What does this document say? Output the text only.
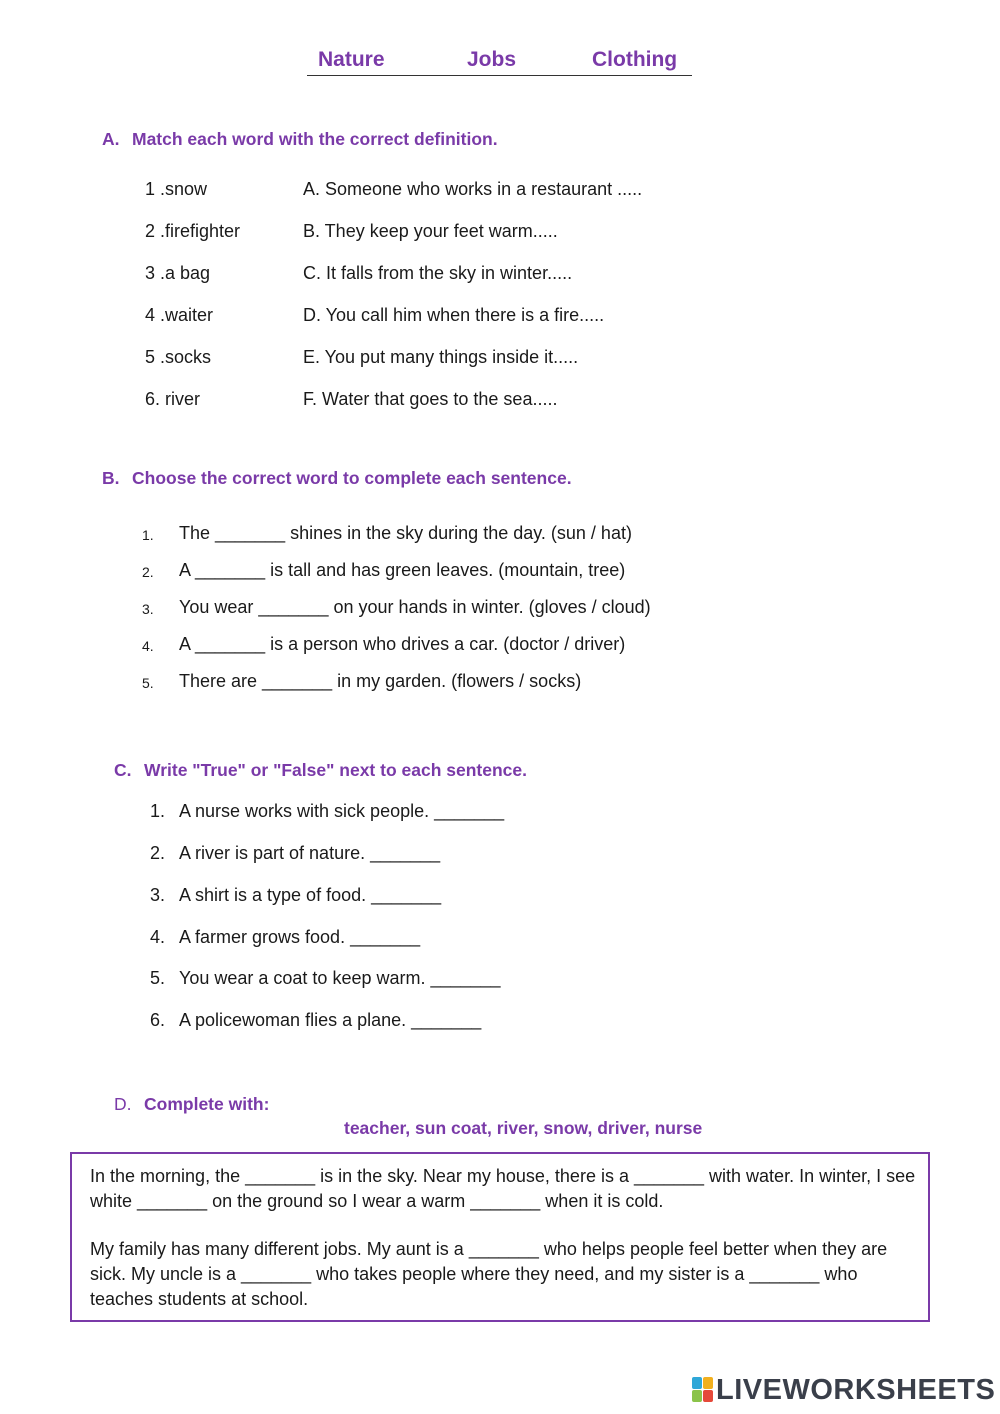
Nature	Jobs	Clothing
A. Match each word with the correct definition.
1 .snow
2 .firefighter
3 .a bag
4 .waiter
5 .socks
6. river
A. Someone who works in a restaurant .....
B. They keep your feet warm.....
C. It falls from the sky in winter.....
D. You call him when there is a fire.....
E. You put many things inside it.....
F. Water that goes to the sea.....
B. Choose the correct word to complete each sentence.
1.
2.
3.
4.
5.
The _______ shines in the sky during the day. (sun / hat)
A _______ is tall and has green leaves. (mountain, tree)
You wear _______ on your hands in winter. (gloves / cloud)
A _______ is a person who drives a car. (doctor / driver)
There are _______ in my garden. (flowers / socks)
C. Write "True" or "False" next to each sentence.
1.
2.
3.
4.
5.
6.
A nurse works with sick people. _______
A river is part of nature. _______
A shirt is a type of food. _______
A farmer grows food. _______
You wear a coat to keep warm. _______
A policewoman flies a plane. _______
D. Complete with:
teacher, sun coat, river, snow, driver, nurse
In the morning, the _______ is in the sky. Near my house, there is a _______ with water. In winter, I see white _______ on the ground so I wear a warm _______ when it is cold.
My family has many different jobs. My aunt is a _______ who helps people feel better when they are sick. My uncle is a _______ who takes people where they need, and my sister is a _______ who teaches students at school.
LIVEWORKSHEETS
